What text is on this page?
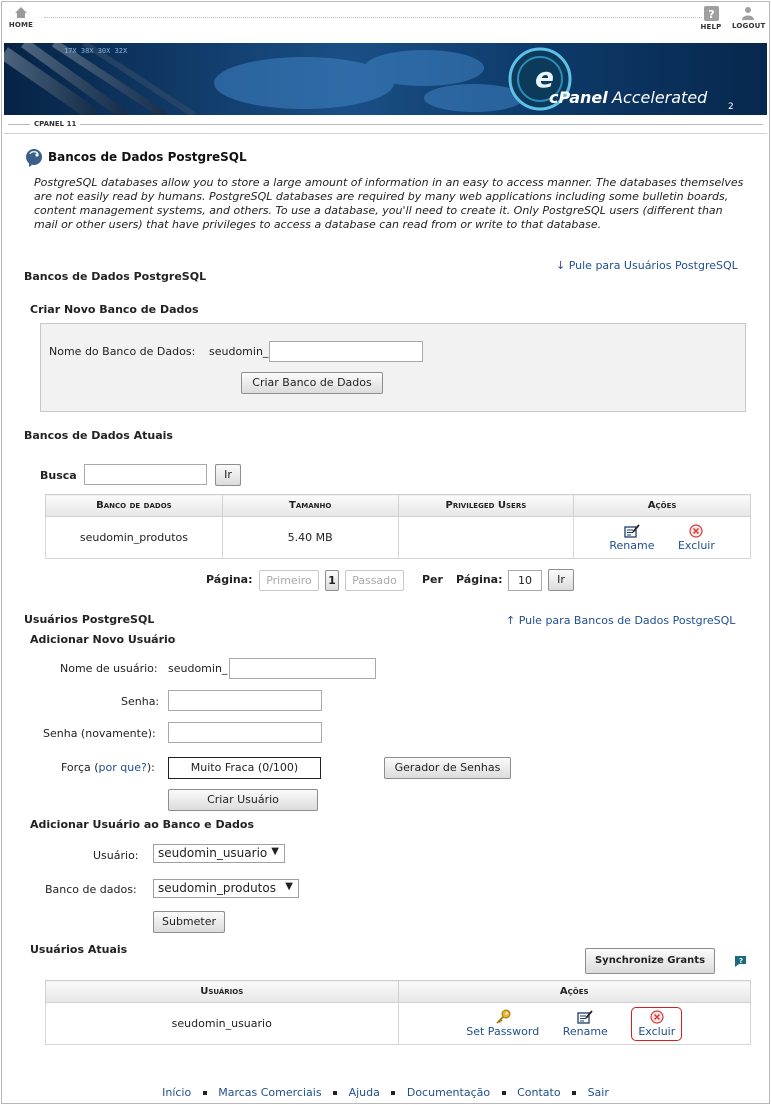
HOME
?
HELP LOGOUT
17X 38X 30X 32X
e
cPanel Accelerated 2
CPANEL 11
Bancos de Dados PostgreSQL
PostgreSQL databases allow you to store a large amount of information in an easy to access manner. The databases themselves are not easily read by humans. PostgreSQL databases are required by many web applications including some bulletin boards, content management systems, and others. To use a database, you'll need to create it. Only PostgreSQL users (different than mail or other users) that have privileges to access a database can read from or write to that database.
Bancos de Dados PostgreSQL
↓ Pule para Usuários PostgreSQL
Criar Novo Banco de Dados
Nome do Banco de Dados: seudomin_
Criar Banco de Dados
Bancos de Dados Atuais
Busca	Ir
Banco de dados	Tamanho	Privileged Users	Ações
seudomin_produtos	5.40 MB		Rename Excluir
Página:	Primeiro	1	Passado	Per Página:
10	Ir
Usuários PostgreSQL	↑ Pule para Bancos de Dados PostgreSQL
Adicionar Novo Usuário
Nome de usuário: seudomin_
Senha:
Senha (novamente):
Força (por que?):	Muito Fraca (0/100)	Gerador de Senhas
Criar Usuário
Adicionar Usuário ao Banco e Dados
Usuário:	seudomin_usuario ▼
Banco de dados:	seudomin_produtos ▼
Submeter
Usuários Atuais
Synchronize Grants	?
Usuários	Ações
seudomin_usuario	Set Password Rename Excluir
Início Marcas Comerciais Ajuda Documentação Contato Sair
